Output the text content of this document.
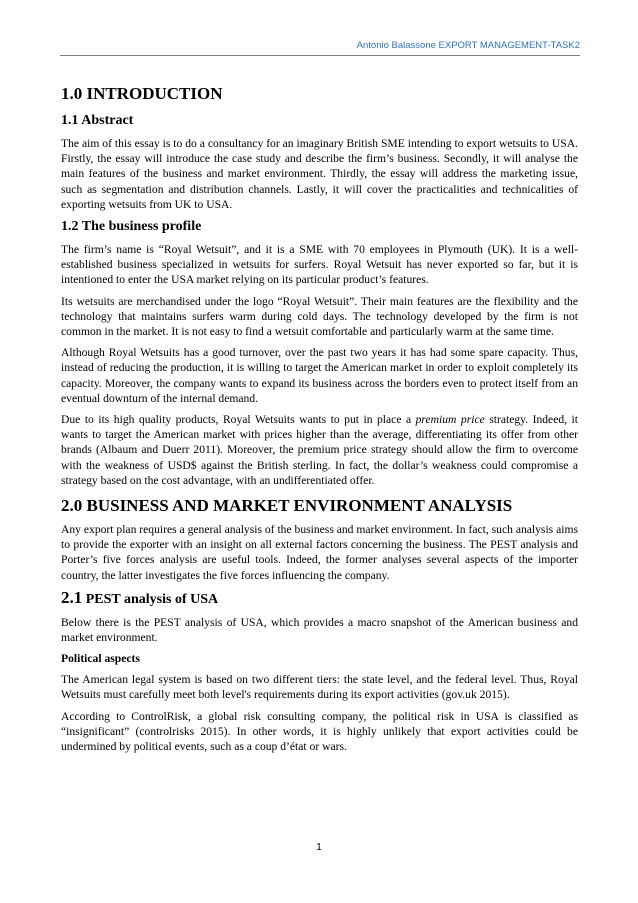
Antonio Balassone EXPORT MANAGEMENT-TASK2
1.0 INTRODUCTION
1.1 Abstract

The aim of this essay is to do a consultancy for an imaginary British SME intending to export wetsuits to USA. Firstly, the essay will introduce the case study and describe the firm’s business. Secondly, it will analyse the main features of the business and market environment. Thirdly, the essay will address the marketing issue, such as segmentation and distribution channels. Lastly, it will cover the practicalities and technicalities of exporting wetsuits from UK to USA.

1.2 The business profile

The firm’s name is “Royal Wetsuit”, and it is a SME with 70 employees in Plymouth (UK). It is a well-established business specialized in wetsuits for surfers. Royal Wetsuit has never exported so far, but it is intentioned to enter the USA market relying on its particular product’s features.

Its wetsuits are merchandised under the logo “Royal Wetsuit”. Their main features are the flexibility and the technology that maintains surfers warm during cold days. The technology developed by the firm is not common in the market. It is not easy to find a wetsuit comfortable and particularly warm at the same time.

Although Royal Wetsuits has a good turnover, over the past two years it has had some spare capacity. Thus, instead of reducing the production, it is willing to target the American market in order to exploit completely its capacity. Moreover, the company wants to expand its business across the borders even to protect itself from an eventual downturn of the internal demand.

Due to its high quality products, Royal Wetsuits wants to put in place a premium price strategy. Indeed, it wants to target the American market with prices higher than the average, differentiating its offer from other brands (Albaum and Duerr 2011). Moreover, the premium price strategy should allow the firm to overcome with the weakness of USD$ against the British sterling. In fact, the dollar’s weakness could compromise a strategy based on the cost advantage, with an undifferentiated offer.

2.0 BUSINESS AND MARKET ENVIRONMENT ANALYSIS

Any export plan requires a general analysis of the business and market environment. In fact, such analysis aims to provide the exporter with an insight on all external factors concerning the business. The PEST analysis and Porter’s five forces analysis are useful tools. Indeed, the former analyses several aspects of the importer country, the latter investigates the five forces influencing the company.

2.1 PEST analysis of USA

Below there is the PEST analysis of USA, which provides a macro snapshot of the American business and market environment.

Political aspects

The American legal system is based on two different tiers: the state level, and the federal level. Thus, Royal Wetsuits must carefully meet both level's requirements during its export activities (gov.uk 2015).

According to ControlRisk, a global risk consulting company, the political risk in USA is classified as “insignificant” (controlrisks 2015). In other words, it is highly unlikely that export activities could be undermined by political events, such as a coup d’état or wars.

1
